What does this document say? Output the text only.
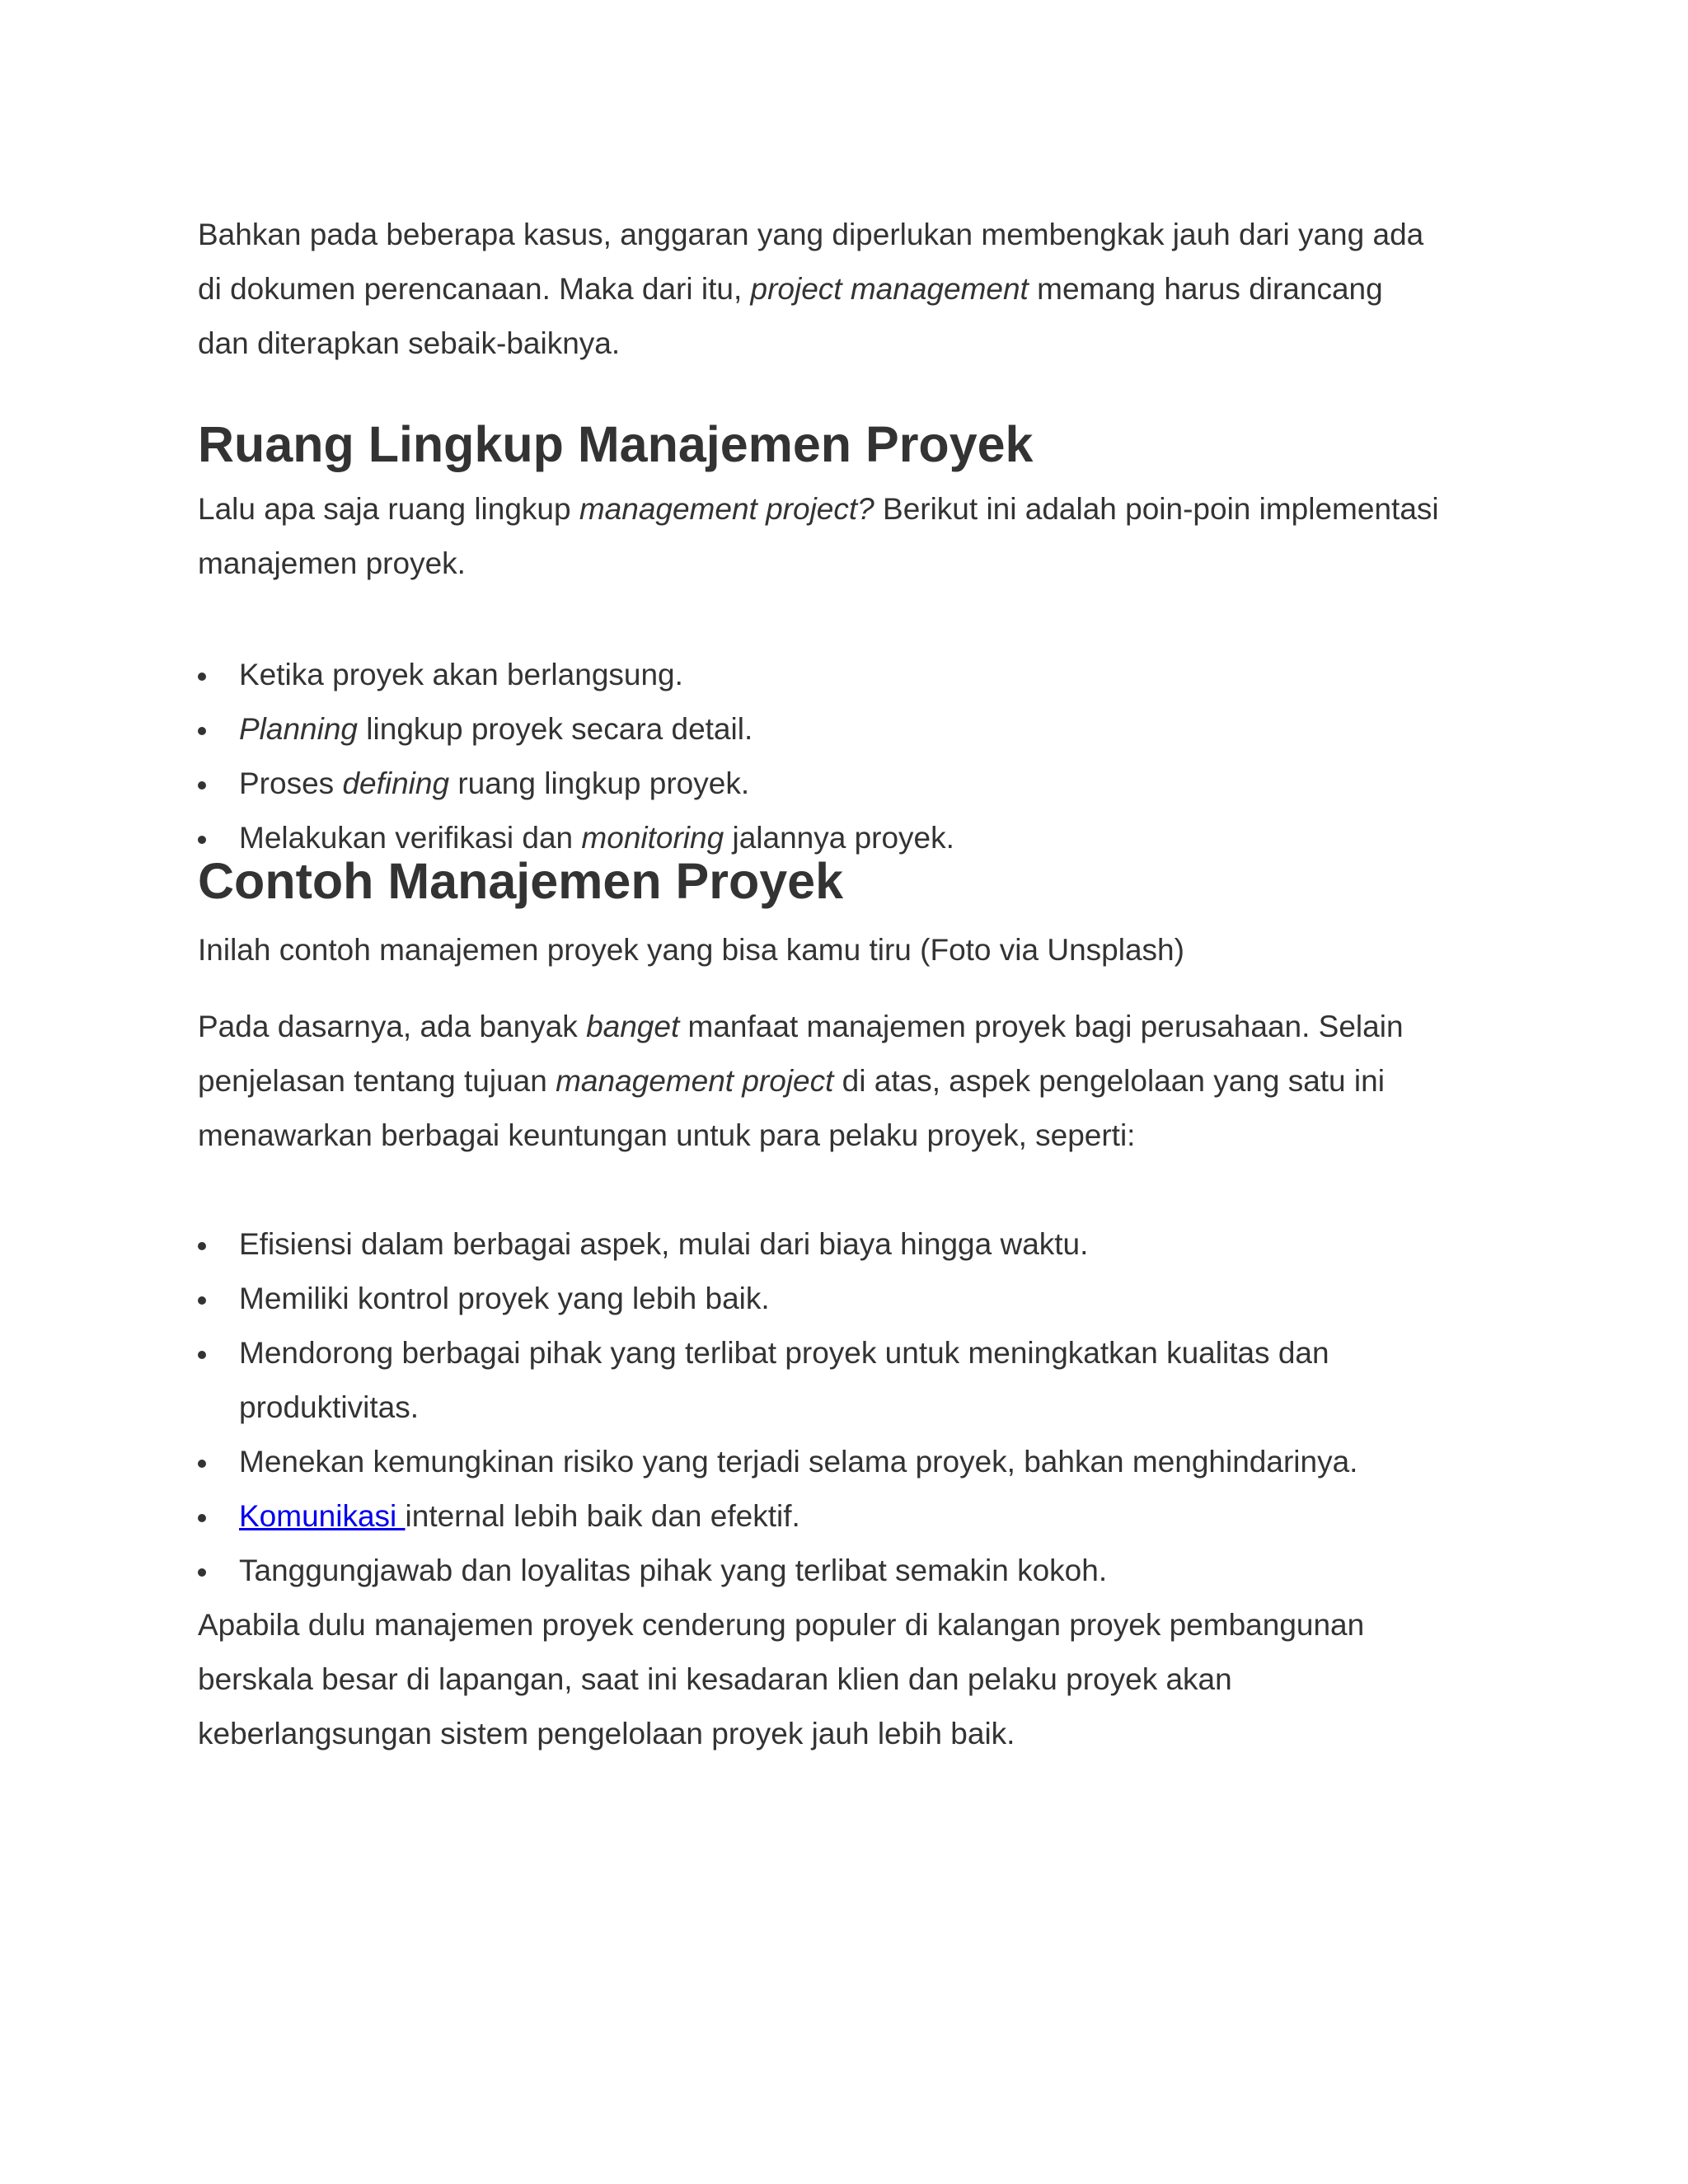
Bahkan pada beberapa kasus, anggaran yang diperlukan membengkak jauh dari yang ada

di dokumen perencanaan. Maka dari itu, project management memang harus dirancang

dan diterapkan sebaik-baiknya.

Ruang Lingkup Manajemen Proyek

Lalu apa saja ruang lingkup management project? Berikut ini adalah poin-poin implementasi

manajemen proyek.

Ketika proyek akan berlangsung.
Planning lingkup proyek secara detail.
Proses defining ruang lingkup proyek.
Melakukan verifikasi dan monitoring jalannya proyek.
Contoh Manajemen Proyek

Inilah contoh manajemen proyek yang bisa kamu tiru (Foto via Unsplash)

Pada dasarnya, ada banyak banget manfaat manajemen proyek bagi perusahaan. Selain

penjelasan tentang tujuan management project di atas, aspek pengelolaan yang satu ini

menawarkan berbagai keuntungan untuk para pelaku proyek, seperti:

Efisiensi dalam berbagai aspek, mulai dari biaya hingga waktu.
Memiliki kontrol proyek yang lebih baik.
Mendorong berbagai pihak yang terlibat proyek untuk meningkatkan kualitas dan
produktivitas.
Menekan kemungkinan risiko yang terjadi selama proyek, bahkan menghindarinya.
Komunikasi internal lebih baik dan efektif.
Tanggungjawab dan loyalitas pihak yang terlibat semakin kokoh.

Apabila dulu manajemen proyek cenderung populer di kalangan proyek pembangunan

berskala besar di lapangan, saat ini kesadaran klien dan pelaku proyek akan

keberlangsungan sistem pengelolaan proyek jauh lebih baik.
